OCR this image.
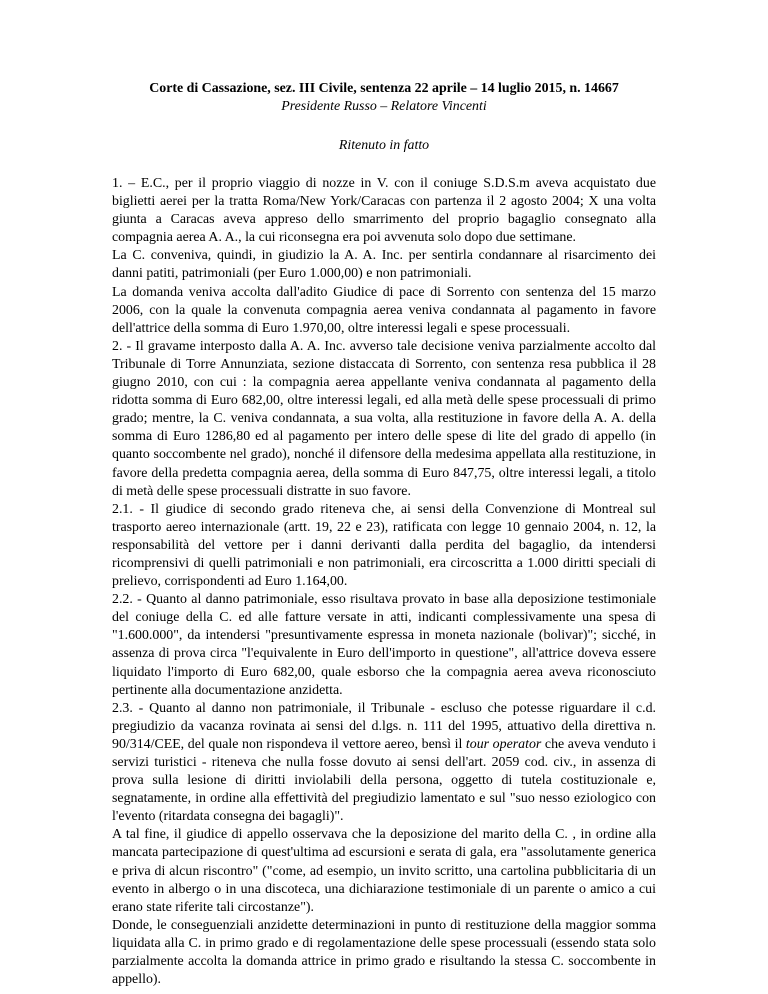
Corte di Cassazione, sez. III Civile, sentenza 22 aprile – 14 luglio 2015, n. 14667

Presidente Russo – Relatore Vincenti

Ritenuto in fatto

1. – E.C., per il proprio viaggio di nozze in V. con il coniuge S.D.S.m aveva acquistato due biglietti aerei per la tratta Roma/New York/Caracas con partenza il 2 agosto 2004; X una volta giunta a Caracas aveva appreso dello smarrimento del proprio bagaglio consegnato alla compagnia aerea A. A., la cui riconsegna era poi avvenuta solo dopo due settimane.

La C. conveniva, quindi, in giudizio la A. A. Inc. per sentirla condannare al risarcimento dei danni patiti, patrimoniali (per Euro 1.000,00) e non patrimoniali.

La domanda veniva accolta dall'adito Giudice di pace di Sorrento con sentenza del 15 marzo 2006, con la quale la convenuta compagnia aerea veniva condannata al pagamento in favore dell'attrice della somma di Euro 1.970,00, oltre interessi legali e spese processuali.

2. - Il gravame interposto dalla A. A. Inc. avverso tale decisione veniva parzialmente accolto dal Tribunale di Torre Annunziata, sezione distaccata di Sorrento, con sentenza resa pubblica il 28 giugno 2010, con cui : la compagnia aerea appellante veniva condannata al pagamento della ridotta somma di Euro 682,00, oltre interessi legali, ed alla metà delle spese processuali di primo grado; mentre, la C. veniva condannata, a sua volta, alla restituzione in favore della A. A. della somma di Euro 1286,80 ed al pagamento per intero delle spese di lite del grado di appello (in quanto soccombente nel grado), nonché il difensore della medesima appellata alla restituzione, in favore della predetta compagnia aerea, della somma di Euro 847,75, oltre interessi legali, a titolo di metà delle spese processuali distratte in suo favore.

2.1. - Il giudice di secondo grado riteneva che, ai sensi della Convenzione di Montreal sul trasporto aereo internazionale (artt. 19, 22 e 23), ratificata con legge 10 gennaio 2004, n. 12, la responsabilità del vettore per i danni derivanti dalla perdita del bagaglio, da intendersi ricomprensivi di quelli patrimoniali e non patrimoniali, era circoscritta a 1.000 diritti speciali di prelievo, corrispondenti ad Euro 1.164,00.

2.2. - Quanto al danno patrimoniale, esso risultava provato in base alla deposizione testimoniale del coniuge della C. ed alle fatture versate in atti, indicanti complessivamente una spesa di "1.600.000", da intendersi "presuntivamente espressa in moneta nazionale (bolivar)"; sicché, in assenza di prova circa "l'equivalente in Euro dell'importo in questione", all'attrice doveva essere liquidato l'importo di Euro 682,00, quale esborso che la compagnia aerea aveva riconosciuto pertinente alla documentazione anzidetta.

2.3. - Quanto al danno non patrimoniale, il Tribunale - escluso che potesse riguardare il c.d. pregiudizio da vacanza rovinata ai sensi del d.lgs. n. 111 del 1995, attuativo della direttiva n. 90/314/CEE, del quale non rispondeva il vettore aereo, bensì il tour operator che aveva venduto i servizi turistici - riteneva che nulla fosse dovuto ai sensi dell'art. 2059 cod. civ., in assenza di prova sulla lesione di diritti inviolabili della persona, oggetto di tutela costituzionale e, segnatamente, in ordine alla effettività del pregiudizio lamentato e sul "suo nesso eziologico con l'evento (ritardata consegna dei bagagli)".

A tal fine, il giudice di appello osservava che la deposizione del marito della C. , in ordine alla mancata partecipazione di quest'ultima ad escursioni e serata di gala, era "assolutamente generica e priva di alcun riscontro" ("come, ad esempio, un invito scritto, una cartolina pubblicitaria di un evento in albergo o in una discoteca, una dichiarazione testimoniale di un parente o amico a cui erano state riferite tali circostanze").

Donde, le conseguenziali anzidette determinazioni in punto di restituzione della maggior somma liquidata alla C. in primo grado e di regolamentazione delle spese processuali (essendo stata solo parzialmente accolta la domanda attrice in primo grado e risultando la stessa C. soccombente in appello).
